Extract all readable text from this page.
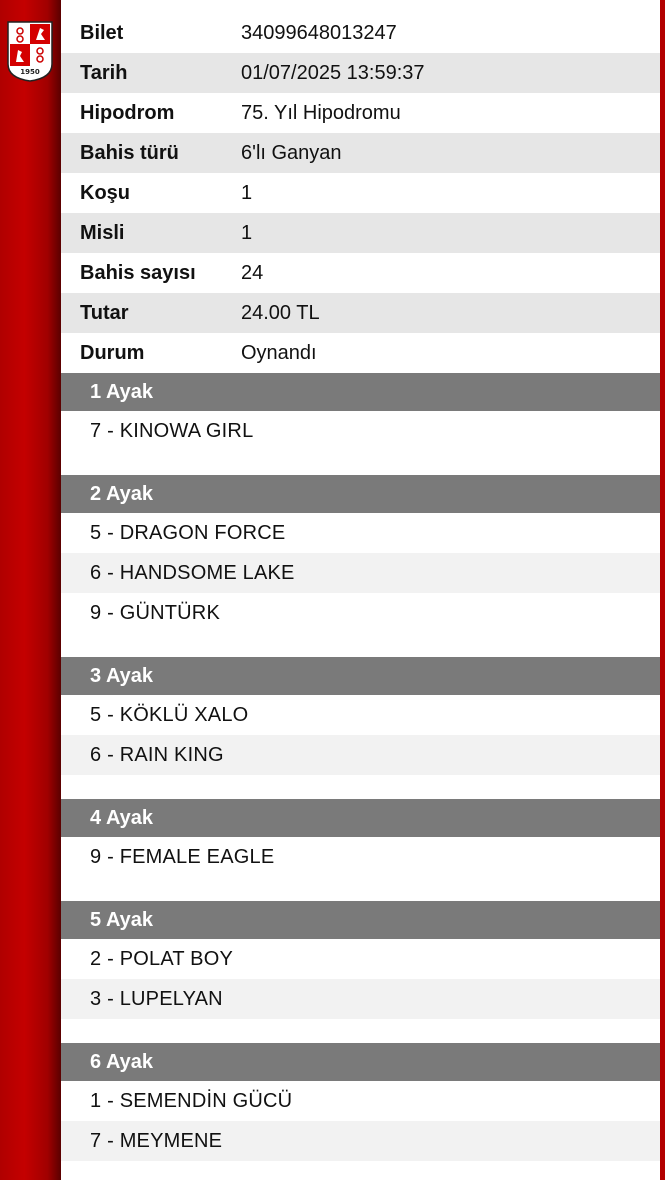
1950
Bilet	34099648013247
Tarih	01/07/2025 13:59:37
Hipodrom	75. Yıl Hipodromu
Bahis türü	6'lı Ganyan
Koşu	1
Misli	1
Bahis sayısı	24
Tutar	24.00 TL
Durum	Oynandı
1 Ayak
7 - KINOWA GIRL
2 Ayak
5 - DRAGON FORCE
6 - HANDSOME LAKE
9 - GÜNTÜRK
3 Ayak
5 - KÖKLÜ XALO
6 - RAIN KING
4 Ayak
9 - FEMALE EAGLE
5 Ayak
2 - POLAT BOY
3 - LUPELYAN
6 Ayak
1 - SEMENDİN GÜCÜ
7 - MEYMENE
